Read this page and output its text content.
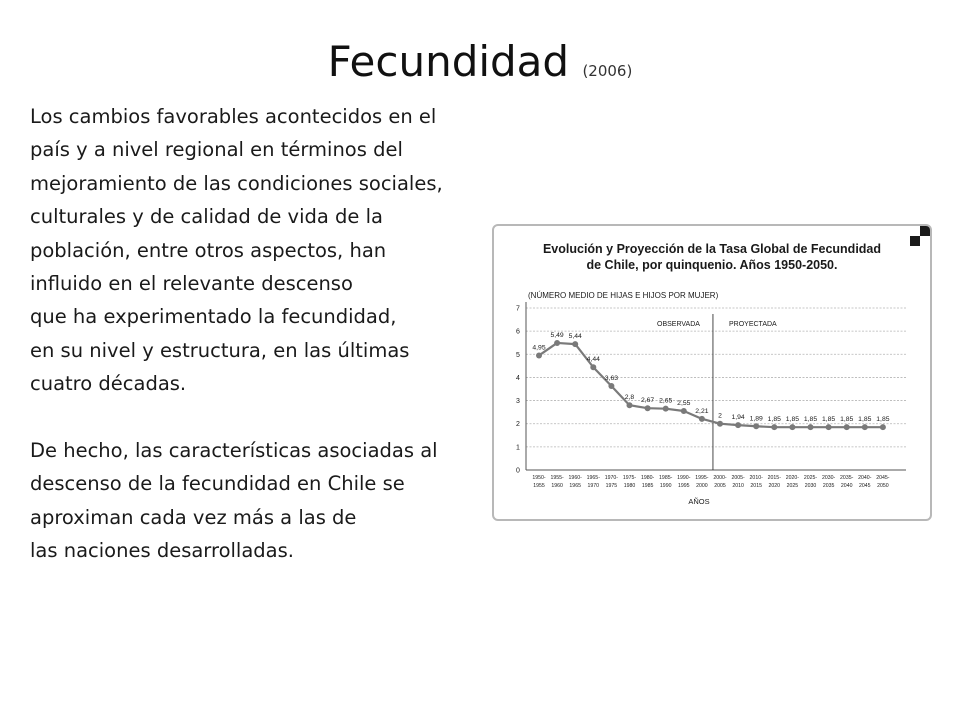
Fecundidad (2006)
Los cambios favorables acontecidos en el
país y a nivel regional en términos del
mejoramiento de las condiciones sociales,
culturales y de calidad de vida de la
población, entre otros aspectos, han
influido en el relevante descenso
que ha experimentado la fecundidad,
en su nivel y estructura, en las últimas
cuatro décadas.
De hecho, las características asociadas al
descenso de la fecundidad en Chile se
aproximan cada vez más a las de
las naciones desarrolladas.
Evolución y Proyección de la Tasa Global de Fecundidad
de Chile, por quinquenio. Años 1950-2050.
(NÚMERO MEDIO DE HIJAS E HIJOS POR MUJER)
OBSERVADA	PROYECTADA
AÑOS
0
1
2
3
4
5
6
7
1950-
1955
1955-
1960
1960-
1965
1965-
1970
1970-
1975
1975-
1980
1980-
1985
1985-
1990
1990-
1995
1995-
2000
2000-
2005
2005-
2010
2010-
2015
2015-
2020
2020-
2025
2025-
2030
2030-
2035
2035-
2040
2040-
2045
2045-
2050
4,95
5,49 5,44
4,44
3,63
2,8 2,67 2,65 2,55
2,21
2 1,94 1,89 1,85 1,85 1,85 1,85 1,85 1,85 1,85
